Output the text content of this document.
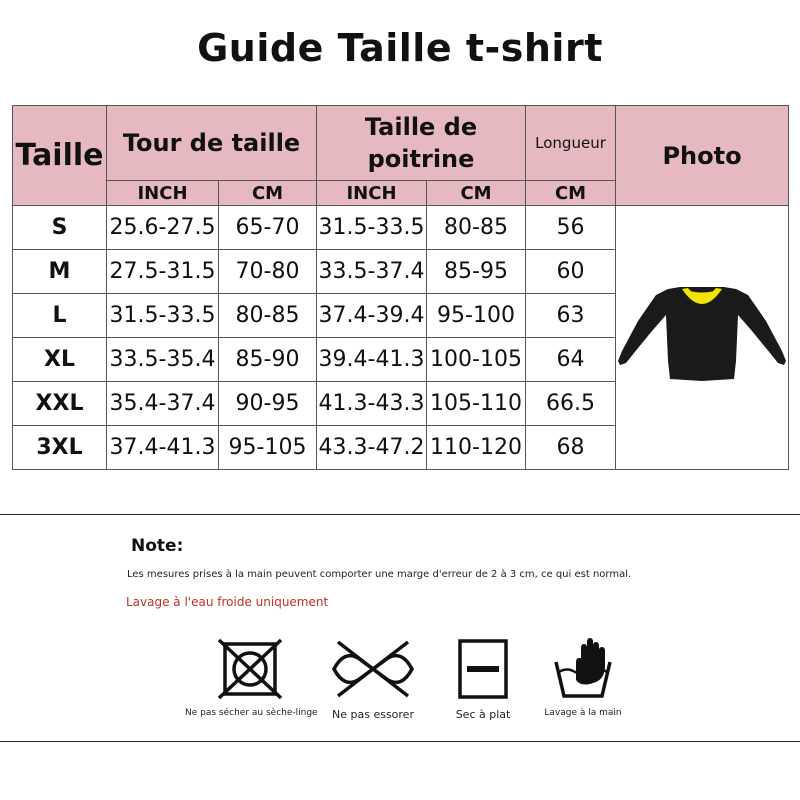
Guide Taille t-shirt
Taille	Tour de taille		Taille de
poitrine		Longueur	Photo
	INCH	CM	INCH	CM	CM	
S	25.6-27.5	65-70	31.5-33.5	80-85	56	
M	27.5-31.5	70-80	33.5-37.4	85-95	60	
L	31.5-33.5	80-85	37.4-39.4	95-100	63	
XL	33.5-35.4	85-90	39.4-41.3	100-105	64	
XXL	35.4-37.4	90-95	41.3-43.3	105-110	66.5	
3XL	37.4-41.3	95-105	43.3-47.2	110-120	68	
Note:
Les mesures prises à la main peuvent comporter une marge d'erreur de 2 à 3 cm, ce qui est normal.
Lavage à l'eau froide uniquement
Ne pas sécher au sèche-linge	Ne pas essorer	Sec à plat	Lavage à la main
